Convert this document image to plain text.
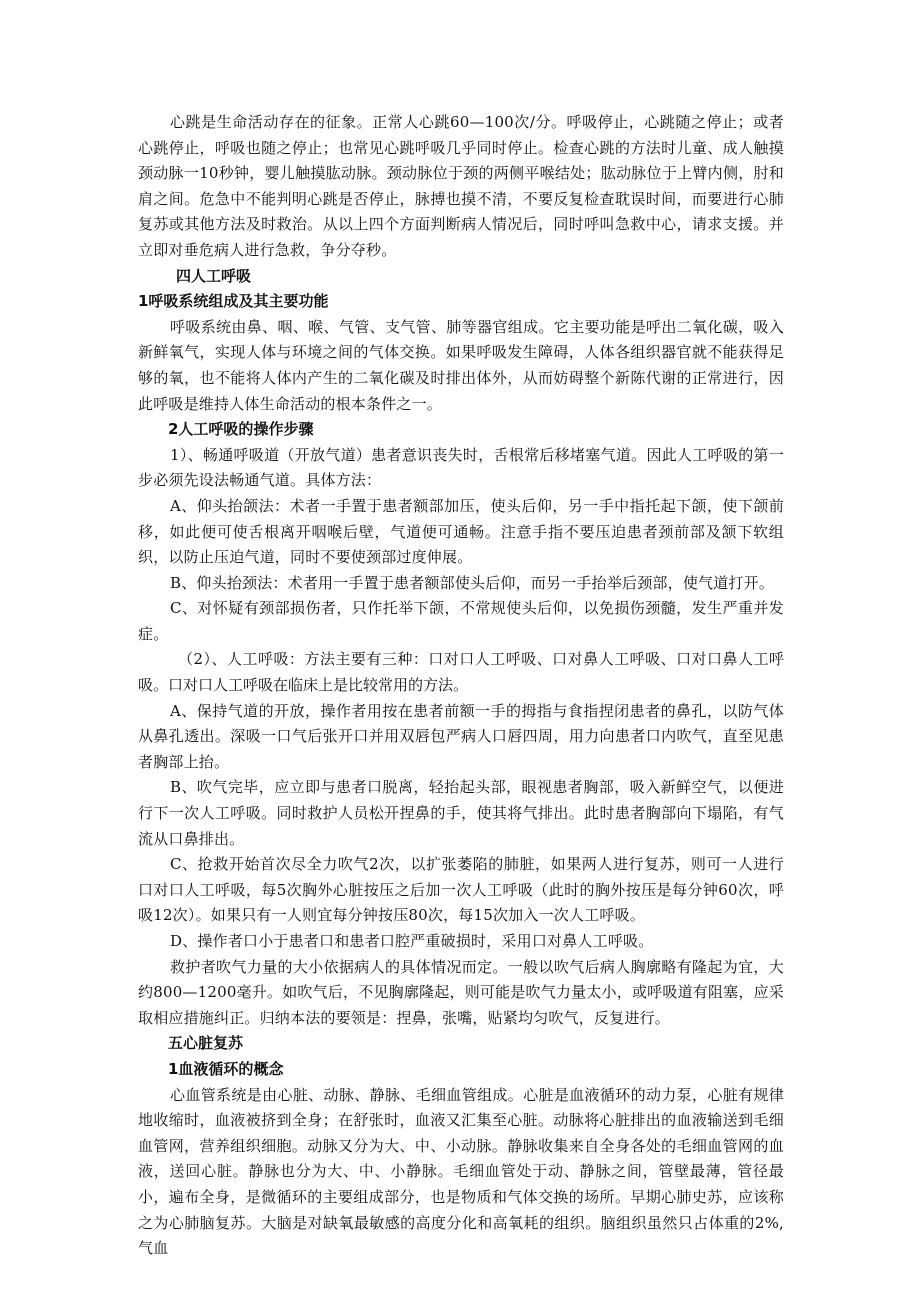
心跳是生命活动存在的征象。正常人心跳60—100次/分。呼吸停止，心跳随之停止；或者心跳停止，呼吸也随之停止；也常见心跳呼吸几乎同时停止。检查心跳的方法时儿童、成人触摸颈动脉一10秒钟，婴儿触摸肱动脉。颈动脉位于颈的两侧平喉结处；肱动脉位于上臂内侧，肘和肩之间。危急中不能判明心跳是否停止，脉搏也摸不清，不要反复检查耽误时间，而要进行心肺复苏或其他方法及时救治。从以上四个方面判断病人情况后，同时呼叫急救中心，请求支援。并立即对垂危病人进行急救，争分夺秒。

四人工呼吸

1呼吸系统组成及其主要功能

呼吸系统由鼻、咽、喉、气管、支气管、肺等器官组成。它主要功能是呼出二氧化碳，吸入新鲜氧气，实现人体与环境之间的气体交换。如果呼吸发生障碍，人体各组织器官就不能获得足够的氧，也不能将人体内产生的二氧化碳及时排出体外，从而妨碍整个新陈代谢的正常进行，因此呼吸是维持人体生命活动的根本条件之一。

2人工呼吸的操作步骤

1）、畅通呼吸道（开放气道）患者意识丧失时，舌根常后移堵塞气道。因此人工呼吸的第一步必须先设法畅通气道。具体方法：

A、仰头抬颌法：术者一手置于患者额部加压，使头后仰，另一手中指托起下颌，使下颌前移，如此便可使舌根离开咽喉后壁，气道便可通畅。注意手指不要压迫患者颈前部及颔下软组织，以防止压迫气道，同时不要使颈部过度伸展。

B、仰头抬颈法：术者用一手置于患者额部使头后仰，而另一手抬举后颈部，使气道打开。

C、对怀疑有颈部损伤者，只作托举下颌，不常规使头后仰，以免损伤颈髓，发生严重并发症。

（2）、人工呼吸：方法主要有三种：口对口人工呼吸、口对鼻人工呼吸、口对口鼻人工呼吸。口对口人工呼吸在临床上是比较常用的方法。

A、保持气道的开放，操作者用按在患者前额一手的拇指与食指捏闭患者的鼻孔，以防气体从鼻孔透出。深吸一口气后张开口并用双唇包严病人口唇四周，用力向患者口内吹气，直至见患者胸部上抬。

B、吹气完毕，应立即与患者口脱离，轻抬起头部，眼视患者胸部，吸入新鲜空气，以便进行下一次人工呼吸。同时救护人员松开捏鼻的手，使其将气排出。此时患者胸部向下塌陷，有气流从口鼻排出。

C、抢救开始首次尽全力吹气2次，以扩张萎陷的肺脏，如果两人进行复苏，则可一人进行口对口人工呼吸，每5次胸外心脏按压之后加一次人工呼吸（此时的胸外按压是每分钟60次，呼吸12次）。如果只有一人则宜每分钟按压80次，每15次加入一次人工呼吸。

D、操作者口小于患者口和患者口腔严重破损时，采用口对鼻人工呼吸。

救护者吹气力量的大小依据病人的具体情况而定。一般以吹气后病人胸廓略有隆起为宜，大约800—1200毫升。如吹气后，不见胸廓隆起，则可能是吹气力量太小，或呼吸道有阻塞，应采取相应措施纠正。归纳本法的要领是：捏鼻，张嘴，贴紧均匀吹气，反复进行。

五心脏复苏

1血液循环的概念

心血管系统是由心脏、动脉、静脉、毛细血管组成。心脏是血液循环的动力泵，心脏有规律地收缩时，血液被挤到全身；在舒张时，血液又汇集至心脏。动脉将心脏排出的血液输送到毛细血管网，营养组织细胞。动脉又分为大、中、小动脉。静脉收集来自全身各处的毛细血管网的血液，送回心脏。静脉也分为大、中、小静脉。毛细血管处于动、静脉之间，管壁最薄，管径最小，遍布全身，是微循环的主要组成部分，也是物质和气体交换的场所。早期心肺史苏，应该称之为心肺脑复苏。大脑是对缺氧最敏感的高度分化和高氧耗的组织。脑组织虽然只占体重的2%,气血
